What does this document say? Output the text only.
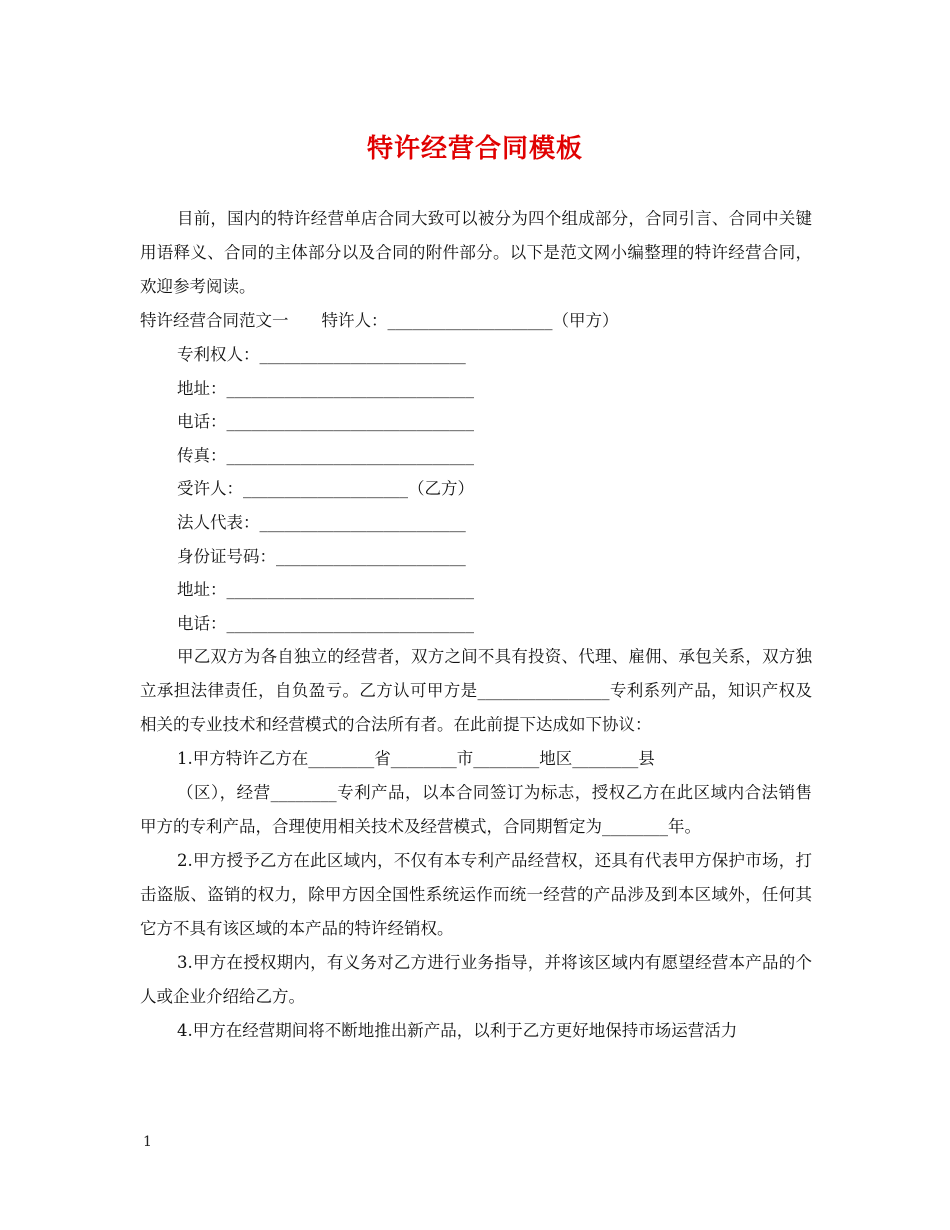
特许经营合同模板

目前，国内的特许经营单店合同大致可以被分为四个组成部分，合同引言、合同中关键用语释义、合同的主体部分以及合同的附件部分。以下是范文网小编整理的特许经营合同，欢迎参考阅读。

特许经营合同范文一　　特许人：____________________（甲方）

专利权人：_________________________

地址：______________________________

电话：______________________________

传真：______________________________

受许人：____________________（乙方）

法人代表：_________________________

身份证号码：_______________________

地址：______________________________

电话：______________________________

甲乙双方为各自独立的经营者，双方之间不具有投资、代理、雇佣、承包关系，双方独立承担法律责任，自负盈亏。乙方认可甲方是________________专利系列产品，知识产权及相关的专业技术和经营模式的合法所有者。在此前提下达成如下协议：

1.甲方特许乙方在________省________市________地区________县

（区），经营________专利产品，以本合同签订为标志，授权乙方在此区域内合法销售甲方的专利产品，合理使用相关技术及经营模式，合同期暂定为________年。

2.甲方授予乙方在此区域内，不仅有本专利产品经营权，还具有代表甲方保护市场，打击盗版、盗销的权力，除甲方因全国性系统运作而统一经营的产品涉及到本区域外，任何其它方不具有该区域的本产品的特许经销权。

3.甲方在授权期内，有义务对乙方进行业务指导，并将该区域内有愿望经营本产品的个人或企业介绍给乙方。

4.甲方在经营期间将不断地推出新产品，以利于乙方更好地保持市场运营活力

1
